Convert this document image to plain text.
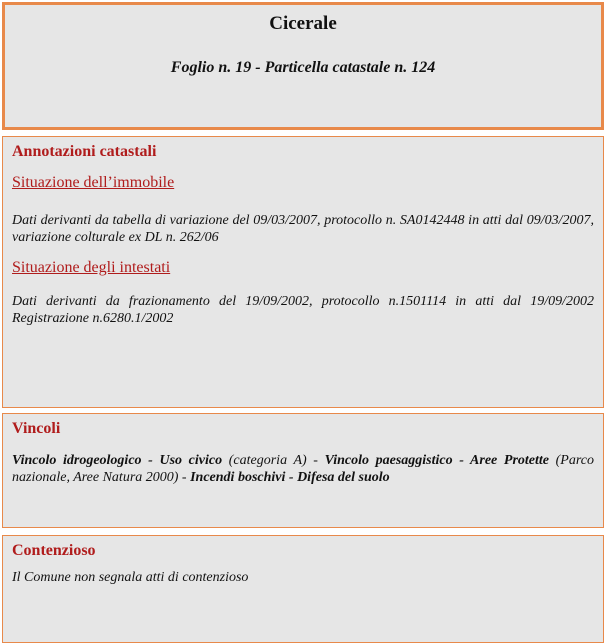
Cicerale
Foglio n. 19 - Particella catastale n. 124
Annotazioni catastali
Situazione dell’immobile
Dati derivanti da tabella di variazione del 09/03/2007, protocollo n. SA0142448 in atti dal 09/03/2007, variazione colturale ex DL n. 262/06
Situazione degli intestati
Dati derivanti da frazionamento del 19/09/2002, protocollo n.1501114 in atti dal 19/09/2002 Registrazione n.6280.1/2002
Vincoli
Vincolo idrogeologico - Uso civico (categoria A) - Vincolo paesaggistico - Aree Protette (Parco nazionale, Aree Natura 2000) - Incendi boschivi - Difesa del suolo
Contenzioso
Il Comune non segnala atti di contenzioso
